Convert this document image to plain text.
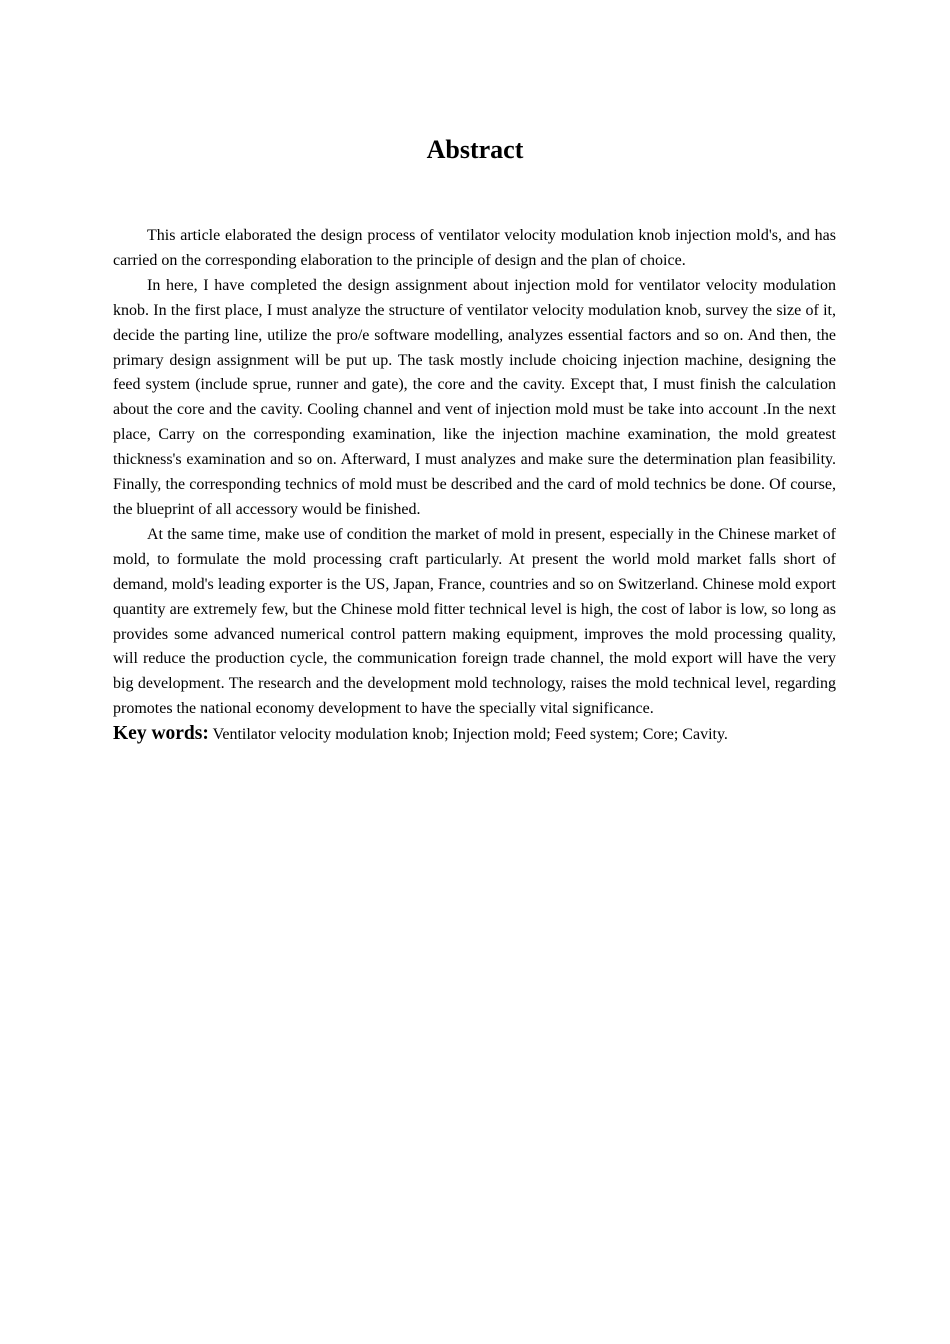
Abstract

This article elaborated the design process of ventilator velocity modulation knob injection mold's, and has carried on the corresponding elaboration to the principle of design and the plan of choice.

In here, I have completed the design assignment about injection mold for ventilator velocity modulation knob. In the first place, I must analyze the structure of ventilator velocity modulation knob, survey the size of it, decide the parting line, utilize the pro/e software modelling, analyzes essential factors and so on. And then, the primary design assignment will be put up. The task mostly include choicing injection machine, designing the feed system (include sprue, runner and gate), the core and the cavity. Except that, I must finish the calculation about the core and the cavity. Cooling channel and vent of injection mold must be take into account .In the next place, Carry on the corresponding examination, like the injection machine examination, the mold greatest thickness's examination and so on. Afterward, I must analyzes and make sure the determination plan feasibility. Finally, the corresponding technics of mold must be described and the card of mold technics be done. Of course, the blueprint of all accessory would be finished.

At the same time, make use of condition the market of mold in present, especially in the Chinese market of mold, to formulate the mold processing craft particularly. At present the world mold market falls short of demand, mold's leading exporter is the US, Japan, France, countries and so on Switzerland. Chinese mold export quantity are extremely few, but the Chinese mold fitter technical level is high, the cost of labor is low, so long as provides some advanced numerical control pattern making equipment, improves the mold processing quality, will reduce the production cycle, the communication foreign trade channel, the mold export will have the very big development. The research and the development mold technology, raises the mold technical level, regarding promotes the national economy development to have the specially vital significance.

Key words: Ventilator velocity modulation knob; Injection mold; Feed system; Core; Cavity.
